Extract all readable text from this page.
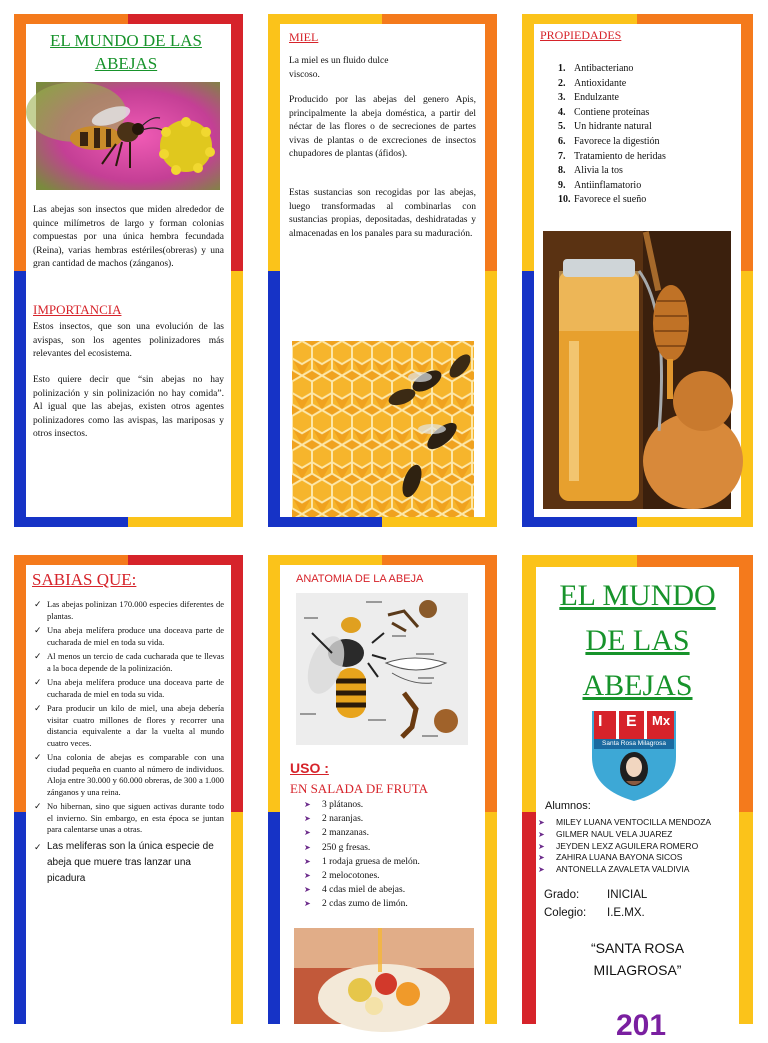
EL MUNDO DE LAS ABEJAS
Las abejas son insectos que miden alrededor de quince milímetros de largo y forman colonias compuestas por una única hembra fecundada (Reina), varias hembras estériles(obreras) y una gran cantidad de machos (zánganos).
IMPORTANCIA
Estos insectos, que son una evolución de las avispas, son los agentes polinizadores más relevantes del ecosistema.
Esto quiere decir que “sin abejas no hay polinización y sin polinización no hay comida”. Al igual que las abejas, existen otros agentes polinizadores como las avispas, las mariposas y otros insectos.
MIEL
La miel es un fluido dulce viscoso.
Producido por las abejas del genero Apis, principalmente la abeja doméstica, a partir del néctar de las flores o de secreciones de partes vivas de plantas o de excreciones de insectos chupadores de plantas (áfidos).
Estas sustancias son recogidas por las abejas, luego transformadas al combinarlas con sustancias propias, depositadas, deshidratadas y almacenadas en los panales para su maduración.
PROPIEDADES
1. Antibacteriano
2. Antioxidante
3. Endulzante
4. Contiene proteínas
5. Un hidrante natural
6. Favorece la digestión
7. Tratamiento de heridas
8. Alivia la tos
9. Antiinflamatorio
10. Favorece el sueño
SABIAS QUE:
✓ Las abejas polinizan 170.000 especies diferentes de plantas.
✓ Una abeja melífera produce una doceava parte de cucharada de miel en toda su vida.
✓ Al menos un tercio de cada cucharada que te llevas a la boca depende de la polinización.
✓ Una abeja melífera produce una doceava parte de cucharada de miel en toda su vida.
✓ Para producir un kilo de miel, una abeja debería visitar cuatro millones de flores y recorrer una distancia equivalente a dar la vuelta al mundo cuatro veces.
✓ Una colonia de abejas es comparable con una ciudad pequeña en cuanto al número de individuos. Aloja entre 30.000 y 60.000 obreras, de 300 a 1.000 zánganos y una reina.
✓ No hibernan, sino que siguen activas durante todo el invierno. Sin embargo, en esta época se juntan para calentarse unas a otras.
✓ Las meliferas son la única especie de abeja que muere tras lanzar una picadura
ANATOMIA DE LA ABEJA
USO :
EN SALADA DE FRUTA
➤ 3 plátanos.
➤ 2 naranjas.
➤ 2 manzanas.
➤ 250 g fresas.
➤ 1 rodaja gruesa de melón.
➤ 2 melocotones.
➤ 4 cdas miel de abejas.
➤ 2 cdas zumo de limón.
EL MUNDO
DE LAS
ABEJAS
I E Mx
Santa Rosa Milagrosa
Alumnos:
➤ MILEY LUANA VENTOCILLA MENDOZA
➤ GILMER NAUL VELA JUAREZ
➤ JEYDEN LEXZ AGUILERA ROMERO
➤ ZAHIRA LUANA BAYONA SICOS
➤ ANTONELLA ZAVALETA VALDIVIA
Grado: INICIAL
Colegio: I.E.MX.
“SANTA ROSA
MILAGROSA”
201
